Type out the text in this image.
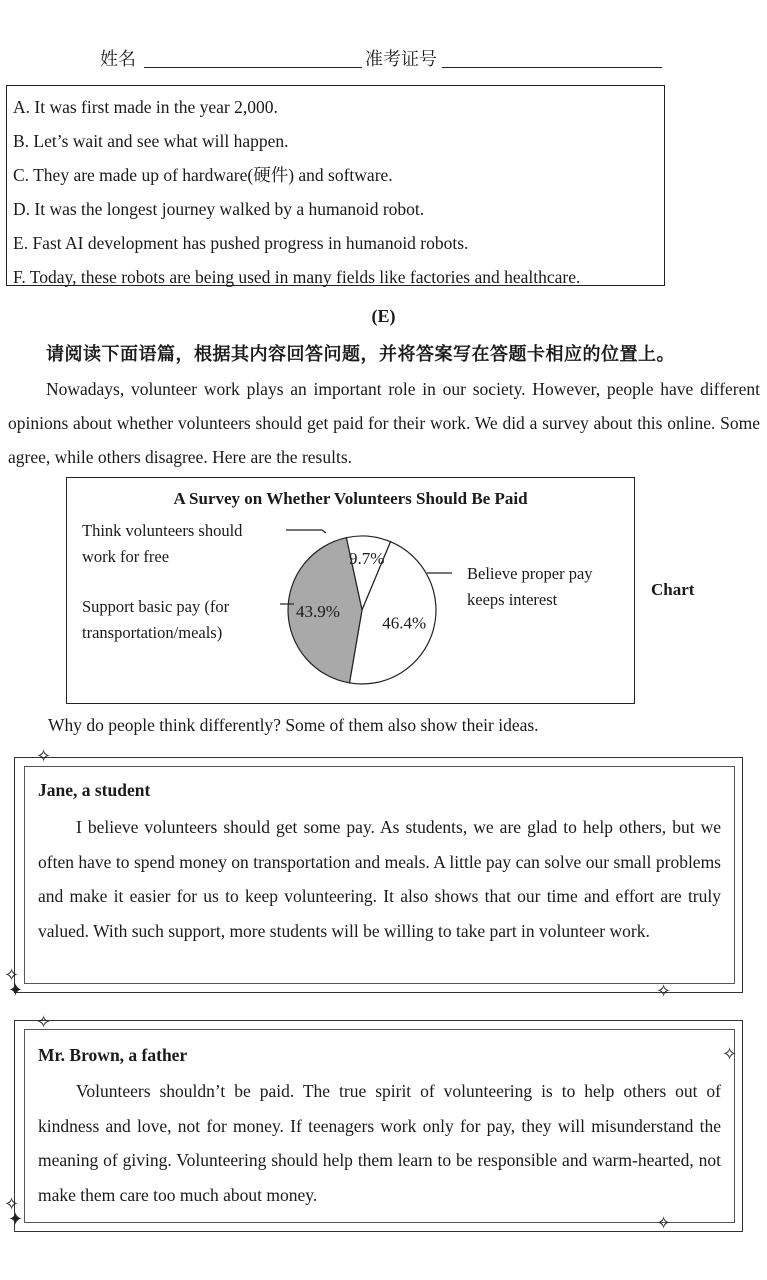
姓名	准考证号
A. It was first made in the year 2,000.
B. Let’s wait and see what will happen.
C. They are made up of hardware(硬件) and software.
D. It was the longest journey walked by a humanoid robot.
E. Fast AI development has pushed progress in humanoid robots.
F. Today, these robots are being used in many fields like factories and healthcare.
(E)
请阅读下面语篇，根据其内容回答问题，并将答案写在答题卡相应的位置上。
Nowadays, volunteer work plays an important role in our society. However, people have different opinions about whether volunteers should get paid for their work. We did a survey about this online. Some agree, while others disagree. Here are the results.
A Survey on Whether Volunteers Should Be Paid
Think volunteers should
work for free
Support basic pay (for
transportation/meals)
Believe proper pay
keeps interest
9.7%
46.4%
43.9%
Chart
Why do people think differently? Some of them also show their ideas.
✧
✧
✦	✧
Jane, a student
I believe volunteers should get some pay. As students, we are glad to help others, but we often have to spend money on transportation and meals. A little pay can solve our small problems and make it easier for us to keep volunteering. It also shows that our time and effort are truly valued. With such support, more students will be willing to take part in volunteer work.
✧
✧
✧
✦	✧
Mr. Brown, a father
Volunteers shouldn’t be paid. The true spirit of volunteering is to help others out of kindness and love, not for money. If teenagers work only for pay, they will misunderstand the meaning of giving. Volunteering should help them learn to be responsible and warm-hearted, not make them care too much about money.
